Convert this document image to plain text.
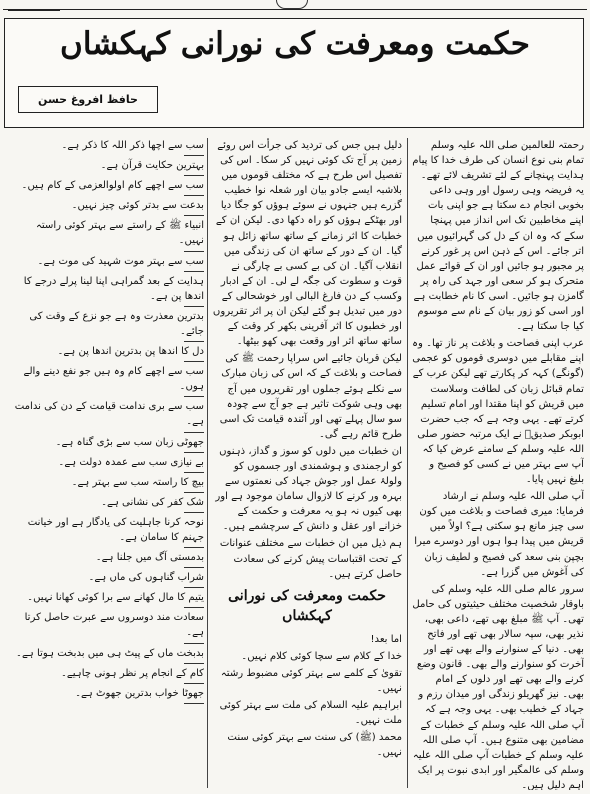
حکمت ومعرفت کی نورانی کہکشاں
حافظ افروغ حسن

رحمتہ للعالمین صلی اللہ علیہ وسلم تمام بنی نوع انسان کی طرف خدا کا پیام ہدایت پہنچانے کے لئے تشریف لائے تھے۔ یہ فریضہ وہی رسول اور وہی داعی بخوبی انجام دے سکتا ہے جو اپنی بات اپنے مخاطبین تک اس انداز میں پہنچا سکے کہ وہ ان کے دل کی گہرائیوں میں اتر جائے۔ اس کے ذہن اس پر غور کرنے پر مجبور ہو جائیں اور ان کے قوائے عمل متحرک ہو کر سعی اور جہد کی راہ پر گامزن ہو جائیں۔ اسی کا نام خطابت ہے اور اسی کو زور بیان کے نام سے موسوم کیا جا سکتا ہے۔

عرب اپنی فصاحت و بلاغت پر ناز تھا۔ وہ اپنے مقابلے میں دوسری قوموں کو عجمی (گونگے) کہہ کر پکارتے تھے لیکن عرب کے تمام قبائل زبان کی لطافت وسلاست میں قریش کو اپنا مقتدا اور امام تسلیم کرتے تھے۔ یہی وجہ ہے کہ جب حضرت ابوبکر صدیقؓ نے ایک مرتبہ حضور صلی اللہ علیہ وسلم کے سامنے عرض کیا کہ آپ سے بہتر میں نے کسی کو فصیح و بلیغ نہیں پایا۔

آپ صلی اللہ علیہ وسلم نے ارشاد فرمایا: میری فصاحت و بلاغت میں کون سی چیز مانع ہو سکتی ہے؟ اولاً میں قریش میں پیدا ہوا ہوں اور دوسرے میرا بچپن بنی سعد کی فصیح و لطیف زبان کی آغوش میں گزرا ہے۔

سرور عالم صلی اللہ علیہ وسلم کی باوقار شخصیت مختلف حیثیتوں کی حامل تھی۔ آپ ﷺ مبلغ بھی تھے، داعی بھی، نذیر بھی، سپہ سالار بھی تھے اور فاتح بھی۔ دنیا کے سنوارنے والے بھی تھے اور آخرت کو سنوارنے والے بھی۔ قانون وضع کرنے والے بھی تھے اور دلوں کے امام بھی۔ نیز گھریلو زندگی اور میدان رزم و جہاد کے خطیب بھی۔ یہی وجہ ہے کہ آپ صلی اللہ علیہ وسلم کے خطبات کے مضامین بھی متنوع ہیں۔ آپ صلی اللہ علیہ وسلم کے خطبات آپ صلی اللہ علیہ وسلم کی عالمگیر اور ابدی نبوت پر ایک اہم دلیل ہیں۔

دلیل ہیں جس کی تردید کی جرأت اس روئے زمین پر آج تک کوئی نہیں کر سکا۔ اس کی تفصیل اس طرح ہے کہ مختلف قوموں میں بلاشبہ ایسے جادو بیان اور شعلہ نوا خطیب گزرے ہیں جنہوں نے سوئے ہوؤں کو جگا دیا اور بھٹکے ہوؤں کو راہ دکھا دی۔ لیکن ان کے خطبات کا اثر زمانے کے ساتھ ساتھ زائل ہو گیا۔ ان کے دور کے ساتھ ان کی زندگی میں انقلاب آگیا۔ ان کی بے کسی بے چارگی نے قوت و سطوت کی جگہ لے لی۔ ان کے ادبار وکسب کے دن فارغ البالی اور خوشحالی کے دور میں تبدیل ہو گئے لیکن ان پر اثر تقریروں اور خطبوں کا اثر آفرینی بکھر کر وقت کے ساتھ ساتھ اثر اور وقعت بھی کھو بیٹھا۔

لیکن قربان جائیے اس سراپا رحمت ﷺ کی فصاحت و بلاغت کے کہ اس کی زبان مبارک سے نکلے ہوئے جملوں اور تقریروں میں آج بھی وہی شوکت تاثیر ہے جو آج سے چودہ سو سال پہلے تھی اور آئندہ قیامت تک اسی طرح قائم رہے گی۔

ان خطبات میں دلوں کو سوز و گداز، ذہنوں کو ارجمندی و ہوشمندی اور جسموں کو ولولۂ عمل اور جوش جہاد کی نعمتوں سے بہرہ ور کرنے کا لازوال سامان موجود ہے اور بھی کیوں نہ ہو یہ معرفت و حکمت کے خزانے اور عقل و دانش کے سرچشمے ہیں۔

ہم ذیل میں ان خطبات سے مختلف عنوانات کے تحت اقتباسات پیش کرنے کی سعادت حاصل کرتے ہیں۔

حکمت ومعرفت کی نورانی کہکشاں

اما بعد!

خدا کے کلام سے سچا کوئی کلام نہیں۔

تقویٰ کے کلمے سے بہتر کوئی مضبوط رشتہ نہیں۔

ابراہیم علیہ السلام کی ملت سے بہتر کوئی ملت نہیں۔

محمد (ﷺ) کی سنت سے بہتر کوئی سنت نہیں۔

سب سے اچھا ذکر اللہ کا ذکر ہے۔

بہترین حکایت قرآن ہے۔

سب سے اچھے کام اولوالعزمی کے کام ہیں۔

بدعت سے بدتر کوئی چیز نہیں۔

انبیاء ﷺ کے راستے سے بہتر کوئی راستہ نہیں۔

سب سے بہتر موت شہید کی موت ہے۔

ہدایت کے بعد گمراہی اپنا لینا پرلے درجے کا اندھا پن ہے۔

بدترین معذرت وہ ہے جو نزع کے وقت کی جائے۔

دل کا اندھا پن بدترین اندھا پن ہے۔

سب سے اچھے کام وہ ہیں جو نفع دینے والے ہوں۔

سب سے بری ندامت قیامت کے دن کی ندامت ہے۔

جھوٹی زبان سب سے بڑی گناہ ہے۔

بے نیازی سب سے عمدہ دولت ہے۔

بیچ کا راستہ سب سے بہتر ہے۔

شک کفر کی نشانی ہے۔

نوحہ کرنا جاہلیت کی یادگار ہے اور خیانت جہنم کا سامان ہے۔

بدمستی آگ میں جلنا ہے۔

شراب گناہوں کی ماں ہے۔

یتیم کا مال کھانے سے برا کوئی کھانا نہیں۔

سعادت مند دوسروں سے عبرت حاصل کرتا ہے۔

بدبخت ماں کے پیٹ ہی میں بدبخت ہوتا ہے۔

کام کے انجام پر نظر ہونی چاہیے۔

جھوٹا خواب بدترین جھوٹ ہے۔
